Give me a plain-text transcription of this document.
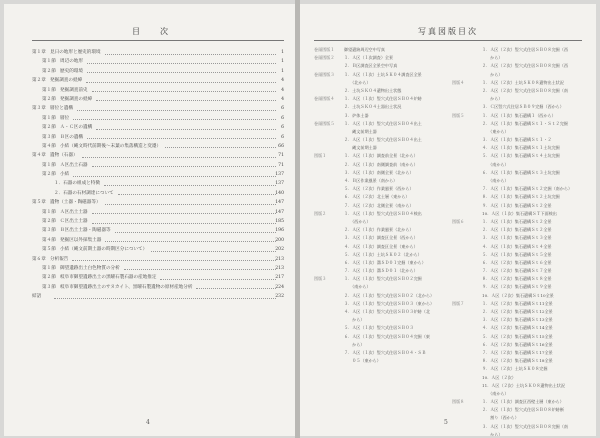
目　次
第１章 見日の地形と歴史的環境	1
第１節 周辺の地形	1
第２節 歴史的環境	1
第２章 発掘調査の経緯	4
第１節 発掘調査前史	4
第２節 発掘調査の経緯	4
第３章 層位と遺構	6
第１節 層位	6
第２節 Ａ・Ｃ区の遺構	6
第３節 Ｂ区の遺構	6
第４節 小結（縄文時代前期後～末葉の集落構造と変遷）	66
第４章 遺物（石器）	71
第１節 Ａ区出土石器	71
第２節 小結	137
１．石器の組成と特徴	137
２．石器の石材調達について	140
第５章 遺物（土器・陶磁器等）	147
第１節 Ａ区出土土器	147
第２節 Ｃ区出土土器	185
第３節 Ｂ区出土土器・陶磁器等	196
第４節 発掘区以外採集土器	200
第５節 小結（縄文前期土器の時期区分について）	202
第６章 分析報告	213
第１節 御望遺跡出土白色物質の分析	213
第２節 岐阜市御望遺跡出土の黒曜石製石器の産地推定	217
第３節 岐阜市御望遺跡出土のサヌカイト、黒曜石製遺物の原材産地分析	224
結語	232
4
写真図版目次
巻頭図版１ 御望遺跡周辺空中写真
巻頭図版２ １．Ａ区（１次調査）全景
２．Ｂ区調査区全景空中写真
巻頭図版３ １．Ａ区（１次）土坑ＳＫ０４調査区全景
　　（北から）
２．土坑ＳＫ０４遺物出土状態
巻頭図版４ １．Ａ区（１次）竪穴式住居ＳＢ０４炉跡
２．土坑ＳＫ０４土器出土状況
３．炉体土器
巻頭図版５ １．Ａ区（１次）竪穴式住居ＳＢ０４出土
　　縄文前期土器
２．Ａ区（１次）竪穴式住居ＳＢ０４出土
　　縄文前期土器
図版１	１．Ａ区（１次）調査前全景（北から）
２．Ａ区（１次）南側調査前（南から）
３．Ａ区（１次）南側全景（北から）
４．Ｂ区作業風景（南から）
５．Ａ区（２次）作業風景（西から）
６．Ａ区（２次）北土層（東から）
７．Ａ区（２次）北側全景（南から）
図版２	１．Ａ区（１次）竪穴式住居ＳＢ０４検出
　　（西から）
２．Ａ区（１次）作業風景（北から）
３．Ａ区（１次）調査区全景（西から）
４．Ａ区（１次）調査区全景（東から）
５．Ａ区（１次）土坑ＳＫ０２（北から）
６．Ａ区（１次）溝ＳＤ０１完掘（東から）
７．Ａ区（１次）溝ＳＤ０１（北から）
図版３	１．Ａ区（１次）竪穴式住居ＳＢ０２完掘
　　（南から）
２．Ａ区（１次）竪穴式住居ＳＢ０２（北から）
３．Ａ区（１次）竪穴式住居ＳＢ０３（東から）
４．Ａ区（１次）竪穴式住居ＳＢ０３炉跡（北
　　から）
５．Ａ区（１次）竪穴式住居ＳＢ０３
６．Ａ区（１次）竪穴式住居ＳＢ０４完掘（東
　　から）
７．Ａ区（１次）竪穴式住居ＳＢ０４・ＳＢ
　　０５（東から）
１．Ａ区（２次）竪穴式住居ＳＢ０８完掘（西
　　から）
２．Ａ区（２次）竪穴式住居ＳＢ０８完掘（西
　　から）
図版４	１．Ａ区（２次）土坑ＳＫ０８遺物出土状況
２．Ａ区（２次）竪穴式住居ＳＢ０８完掘（南
　　から）
３．Ｃ区竪穴式住居ＳＢ０９完掘（西から）
図版５	１．Ａ区（１次）集石遺構１（西から）
２．Ａ区（１次）集石遺構Ｓｔ１・Ｓｔ２完掘
　　（東から）
３．Ａ区（１次）集石遺構Ｓｔ１・２
４．Ａ区（１次）集石遺構Ｓｔ１土坑完掘
５．Ａ区（１次）集石遺構Ｓｔ４土坑完掘
　　（南から）
６．Ａ区（１次）集石遺構Ｓｔ３土坑完掘
　　（南から）
７．Ａ区（１次）集石遺構Ｓｔ２完掘（南から）
８．Ａ区（１次）集石遺構Ｓｔ２土坑完掘
９．Ａ区（１次）集石遺構Ｓｔ２全景
10．Ａ区（１次）集石遺構ＳＴ下面検出
図版６	１．Ａ区（１次）集石遺構Ｓｔ２全景
２．Ａ区（１次）集石遺構Ｓｔ２全景
３．Ａ区（１次）集石遺構Ｓｔ３全景
４．Ａ区（１次）集石遺構Ｓｔ４全景
５．Ａ区（１次）集石遺構Ｓｔ５全景
６．Ａ区（２次）集石遺構Ｓｔ６全景
７．Ａ区（２次）集石遺構Ｓｔ７全景
８．Ａ区（２次）集石遺構Ｓｔ８全景
９．Ａ区（２次）集石遺構Ｓｔ９全景
10．Ａ区（２次）集石遺構Ｓｔ10全景
図版７	１．Ａ区（２次）集石遺構Ｓｔ11全景
２．Ａ区（２次）集石遺構Ｓｔ12全景
３．Ａ区（２次）集石遺構Ｓｔ13全景
４．Ａ区（２次）集石遺構Ｓｔ14全景
５．Ａ区（２次）集石遺構Ｓｔ15全景
６．Ａ区（２次）集石遺構Ｓｔ16全景
７．Ａ区（２次）集石遺構Ｓｔ17全景
８．Ａ区（２次）集石遺構Ｓｔ18全景
９．Ａ区（２次）土坑ＳＫ０８完掘
10．Ａ区（２次）
11．Ａ区（２次）土坑ＳＫ０８遺物出土状況
　　（南から）
図版８	１．Ａ区（１次）調査区西壁土層（東から）
２．Ａ区（１次）竪穴式住居ＳＢ０８炉跡断
　　割り（西から）
３．Ａ区（１次）竪穴式住居ＳＢ０８完掘（南
　　から）
5
